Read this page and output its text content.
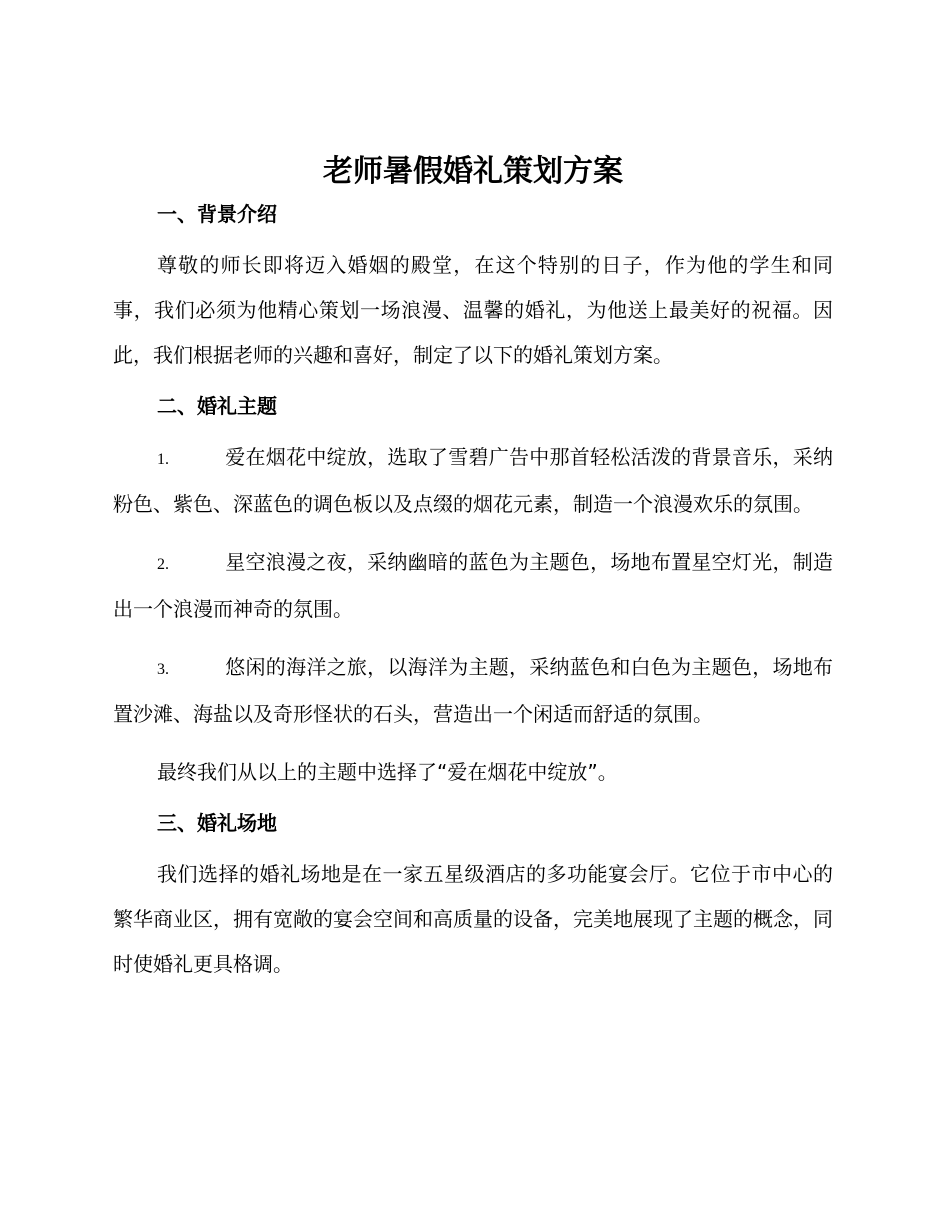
老师暑假婚礼策划方案
一、背景介绍

尊敬的师长即将迈入婚姻的殿堂，在这个特别的日子，作为他的学生和同事，我们必须为他精心策划一场浪漫、温馨的婚礼，为他送上最美好的祝福。因此，我们根据老师的兴趣和喜好，制定了以下的婚礼策划方案。

二、婚礼主题

1.	爱在烟花中绽放，选取了雪碧广告中那首轻松活泼的背景音乐，采纳粉色、紫色、深蓝色的调色板以及点缀的烟花元素，制造一个浪漫欢乐的氛围。

2.	星空浪漫之夜，采纳幽暗的蓝色为主题色，场地布置星空灯光，制造出一个浪漫而神奇的氛围。

3.	悠闲的海洋之旅，以海洋为主题，采纳蓝色和白色为主题色，场地布置沙滩、海盐以及奇形怪状的石头，营造出一个闲适而舒适的氛围。

最终我们从以上的主题中选择了“爱在烟花中绽放”。

三、婚礼场地

我们选择的婚礼场地是在一家五星级酒店的多功能宴会厅。它位于市中心的繁华商业区，拥有宽敞的宴会空间和高质量的设备，完美地展现了主题的概念，同时使婚礼更具格调。
